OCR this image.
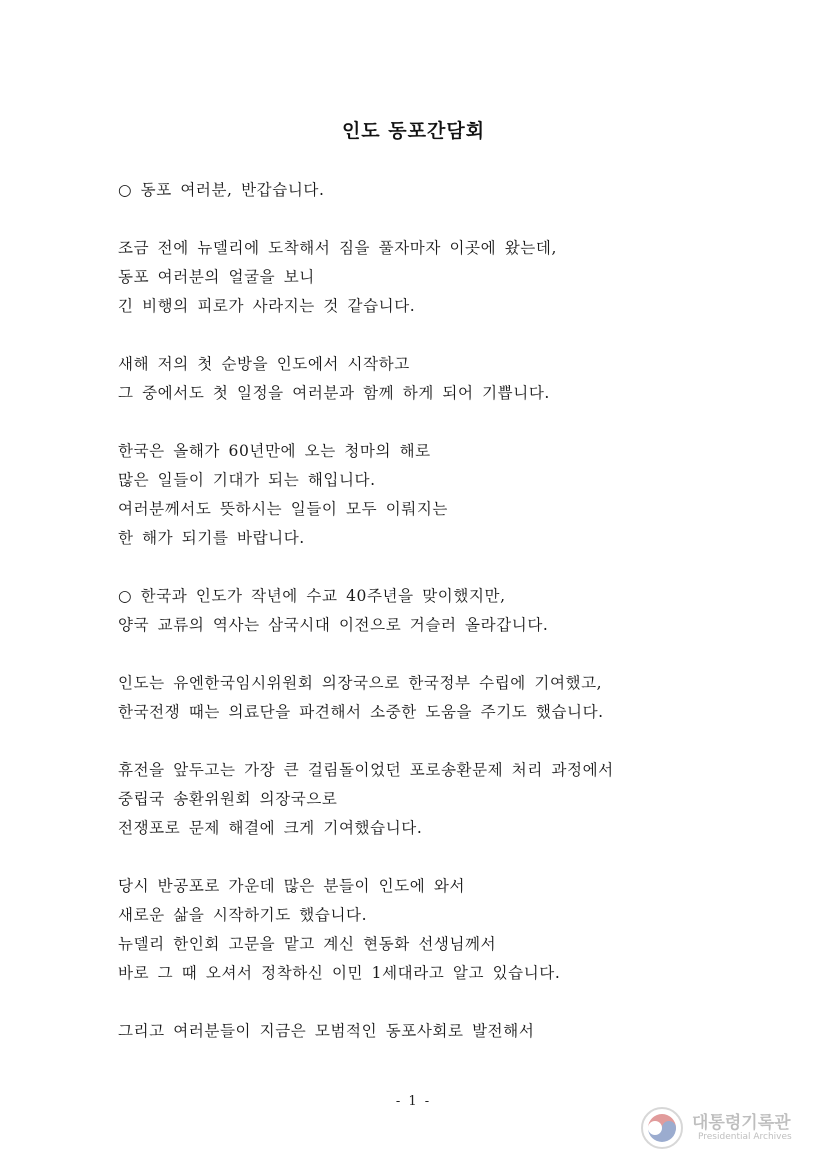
인도 동포간담회
○ 동포 여러분, 반갑습니다.
조금 전에 뉴델리에 도착해서 짐을 풀자마자 이곳에 왔는데,
동포 여러분의 얼굴을 보니
긴 비행의 피로가 사라지는 것 같습니다.
새해 저의 첫 순방을 인도에서 시작하고
그 중에서도 첫 일정을 여러분과 함께 하게 되어 기쁩니다.
한국은 올해가 60년만에 오는 청마의 해로
많은 일들이 기대가 되는 해입니다.
여러분께서도 뜻하시는 일들이 모두 이뤄지는
한 해가 되기를 바랍니다.
○ 한국과 인도가 작년에 수교 40주년을 맞이했지만,
양국 교류의 역사는 삼국시대 이전으로 거슬러 올라갑니다.
인도는 유엔한국임시위원회 의장국으로 한국정부 수립에 기여했고,
한국전쟁 때는 의료단을 파견해서 소중한 도움을 주기도 했습니다.
휴전을 앞두고는 가장 큰 걸림돌이었던 포로송환문제 처리 과정에서
중립국 송환위원회 의장국으로
전쟁포로 문제 해결에 크게 기여했습니다.
당시 반공포로 가운데 많은 분들이 인도에 와서
새로운 삶을 시작하기도 했습니다.
뉴델리 한인회 고문을 맡고 계신 현동화 선생님께서
바로 그 때 오셔서 정착하신 이민 1세대라고 알고 있습니다.
그리고 여러분들이 지금은 모범적인 동포사회로 발전해서
- 1 -
대통령기록관
Presidential Archives
